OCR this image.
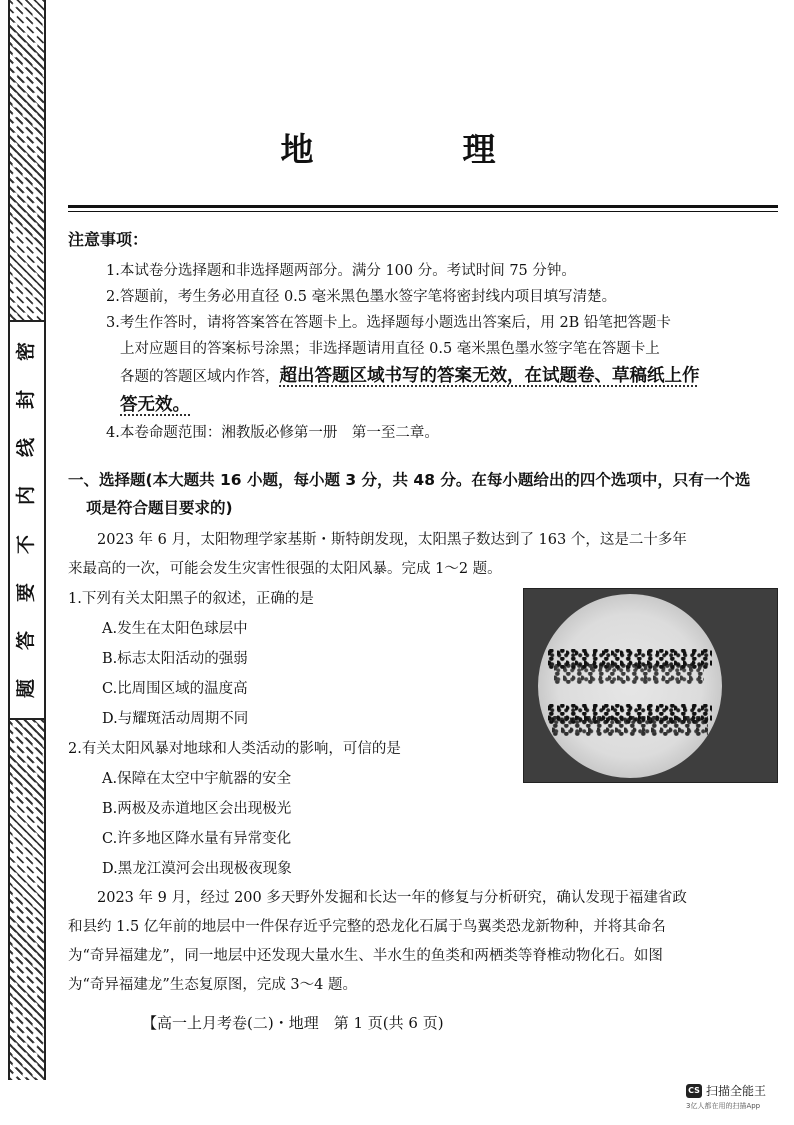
密
封
线
内
不
要
答
题
地　理
注意事项：

1.本试卷分选择题和非选择题两部分。满分 100 分。考试时间 75 分钟。

2.答题前，考生务必用直径 0.5 毫米黑色墨水签字笔将密封线内项目填写清楚。

3.考生作答时，请将答案答在答题卡上。选择题每小题选出答案后，用 2B 铅笔把答题卡

上对应题目的答案标号涂黑；非选择题请用直径 0.5 毫米黑色墨水签字笔在答题卡上

各题的答题区域内作答，超出答题区域书写的答案无效，在试题卷、草稿纸上作

答无效。

4.本卷命题范围：湘教版必修第一册　第一至二章。

一、选择题(本大题共 16 小题，每小题 3 分，共 48 分。在每小题给出的四个选项中，只有一个选
项是符合题目要求的)

2023 年 6 月，太阳物理学家基斯・斯特朗发现，太阳黑子数达到了 163 个，这是二十多年

来最高的一次，可能会发生灾害性很强的太阳风暴。完成 1～2 题。

1.下列有关太阳黑子的叙述，正确的是

A.发生在太阳色球层中

B.标志太阳活动的强弱

C.比周围区域的温度高

D.与耀斑活动周期不同

2.有关太阳风暴对地球和人类活动的影响，可信的是

A.保障在太空中宇航器的安全

B.两极及赤道地区会出现极光

C.许多地区降水量有异常变化

D.黑龙江漠河会出现极夜现象

2023 年 9 月，经过 200 多天野外发掘和长达一年的修复与分析研究，确认发现于福建省政

和县约 1.5 亿年前的地层中一件保存近乎完整的恐龙化石属于鸟翼类恐龙新物种，并将其命名

为“奇异福建龙”，同一地层中还发现大量水生、半水生的鱼类和两栖类等脊椎动物化石。如图

为“奇异福建龙”生态复原图，完成 3～4 题。

【高一上月考卷(二)・地理　第 1 页(共 6 页)
CS 扫描全能王
3亿人都在用的扫描App
